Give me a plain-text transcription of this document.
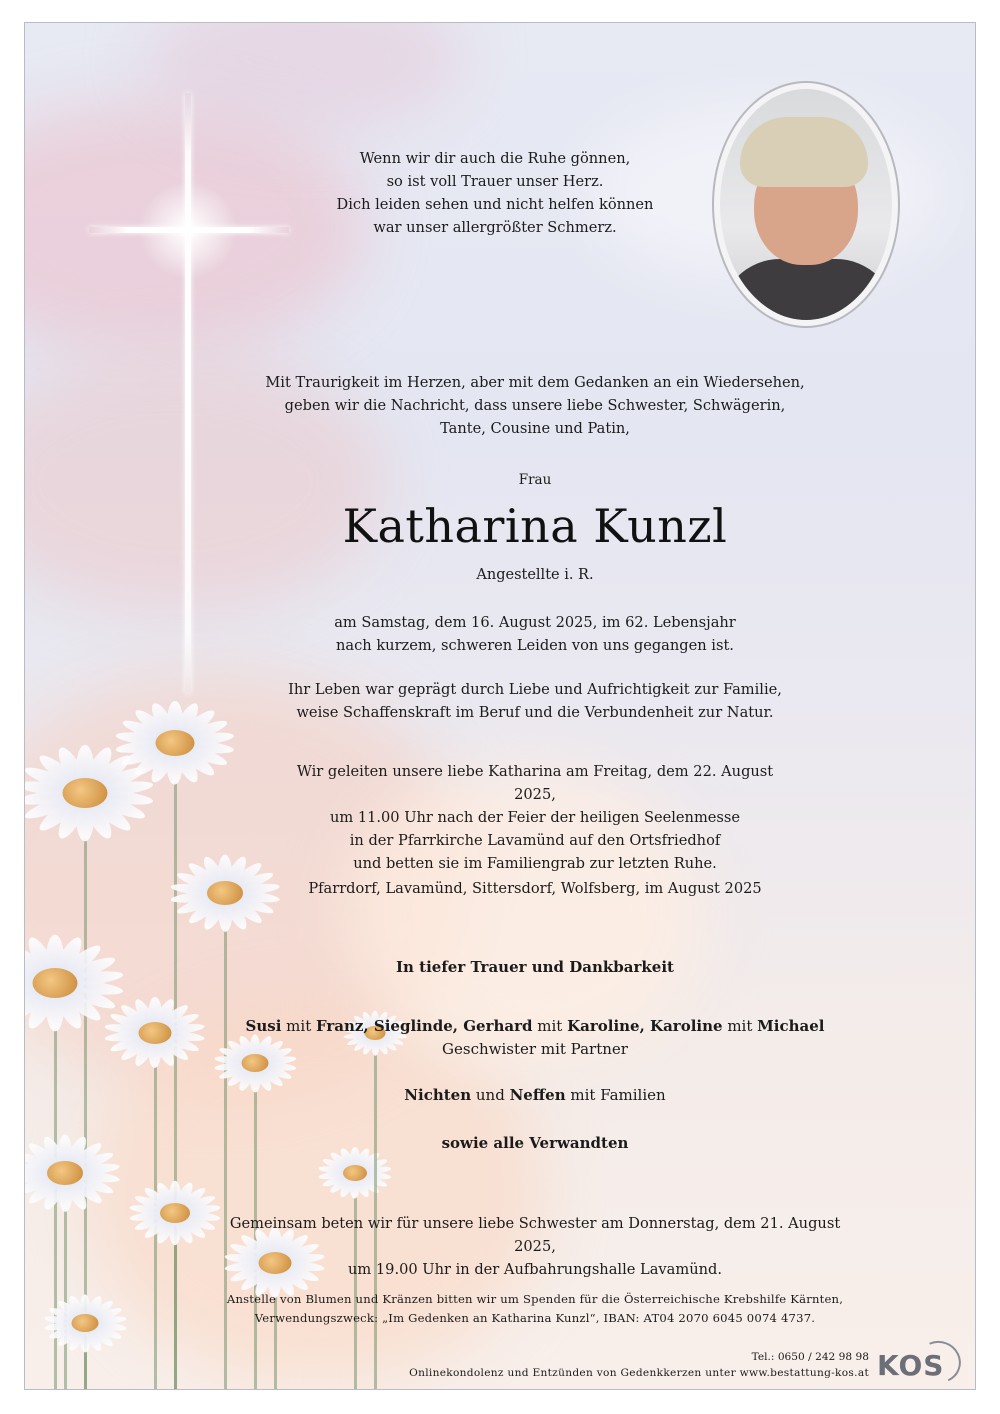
Wenn wir dir auch die Ruhe gönnen,
so ist voll Trauer unser Herz.
Dich leiden sehen und nicht helfen können
war unser allergrößter Schmerz.
Mit Traurigkeit im Herzen, aber mit dem Gedanken an ein Wiedersehen,
geben wir die Nachricht, dass unsere liebe Schwester, Schwägerin,
Tante, Cousine und Patin,
Frau
Katharina Kunzl
Angestellte i. R.
am Samstag, dem 16. August 2025, im 62. Lebensjahr
nach kurzem, schweren Leiden von uns gegangen ist.
Ihr Leben war geprägt durch Liebe und Aufrichtigkeit zur Familie,
weise Schaffenskraft im Beruf und die Verbundenheit zur Natur.
Wir geleiten unsere liebe Katharina am Freitag, dem 22. August 2025,
um 11.00 Uhr nach der Feier der heiligen Seelenmesse
in der Pfarrkirche Lavamünd auf den Ortsfriedhof
und betten sie im Familiengrab zur letzten Ruhe.
Pfarrdorf, Lavamünd, Sittersdorf, Wolfsberg, im August 2025
In tiefer Trauer und Dankbarkeit
Susi mit Franz, Sieglinde, Gerhard mit Karoline, Karoline mit Michael
Geschwister mit Partner
Nichten und Neffen mit Familien
sowie alle Verwandten
Gemeinsam beten wir für unsere liebe Schwester am Donnerstag, dem 21. August 2025,
um 19.00 Uhr in der Aufbahrungshalle Lavamünd.
Anstelle von Blumen und Kränzen bitten wir um Spenden für die Österreichische Krebshilfe Kärnten,
Verwendungszweck: „Im Gedenken an Katharina Kunzl“, IBAN: AT04 2070 6045 0074 4737.
Tel.: 0650 / 242 98 98
Onlinekondolenz und Entzünden von Gedenkkerzen unter www.bestattung-kos.at KOS
